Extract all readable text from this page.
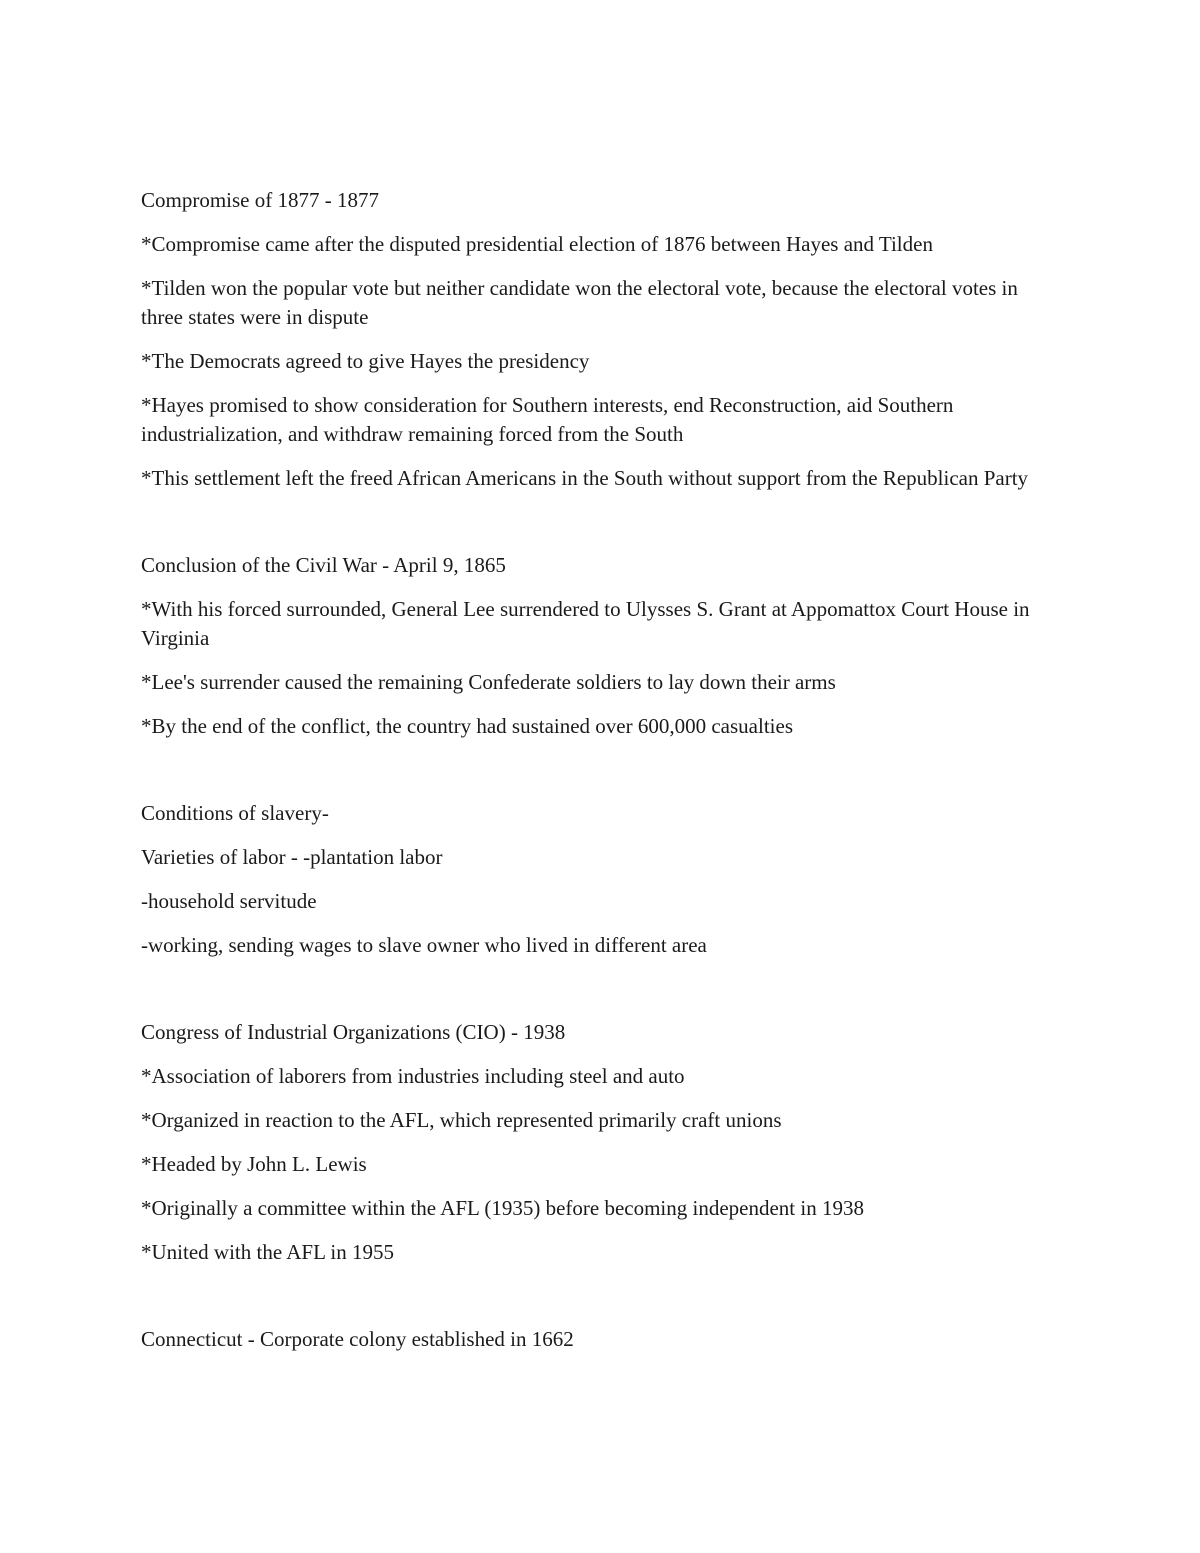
Compromise of 1877 - 1877

*Compromise came after the disputed presidential election of 1876 between Hayes and Tilden

*Tilden won the popular vote but neither candidate won the electoral vote, because the electoral votes in three states were in dispute

*The Democrats agreed to give Hayes the presidency

*Hayes promised to show consideration for Southern interests, end Reconstruction, aid Southern industrialization, and withdraw remaining forced from the South

*This settlement left the freed African Americans in the South without support from the Republican Party

Conclusion of the Civil War - April 9, 1865

*With his forced surrounded, General Lee surrendered to Ulysses S. Grant at Appomattox Court House in Virginia

*Lee's surrender caused the remaining Confederate soldiers to lay down their arms

*By the end of the conflict, the country had sustained over 600,000 casualties

Conditions of slavery-

Varieties of labor - -plantation labor

-household servitude

-working, sending wages to slave owner who lived in different area

Congress of Industrial Organizations (CIO) - 1938

*Association of laborers from industries including steel and auto

*Organized in reaction to the AFL, which represented primarily craft unions

*Headed by John L. Lewis

*Originally a committee within the AFL (1935) before becoming independent in 1938

*United with the AFL in 1955

Connecticut - Corporate colony established in 1662
